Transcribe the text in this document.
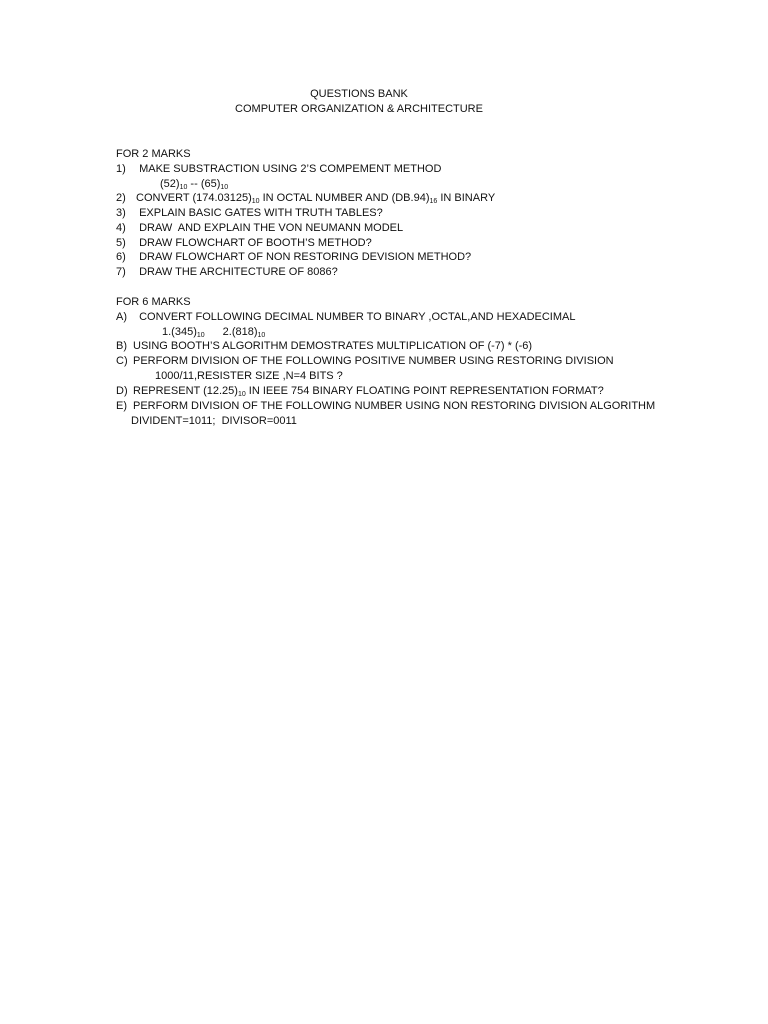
QUESTIONS BANK
COMPUTER ORGANIZATION & ARCHITECTURE
FOR 2 MARKS
1) MAKE SUBSTRACTION USING 2’S COMPEMENT METHOD
$(52)_{10} -- (65)_{10}$
2) CONVERT $(174.03125)_{10}$ IN OCTAL NUMBER AND $(DB.94)_{16}$ IN BINARY
3) EXPLAIN BASIC GATES WITH TRUTH TABLES?
4) DRAW  AND EXPLAIN THE VON NEUMANN MODEL
5) DRAW FLOWCHART OF BOOTH’S METHOD?
6) DRAW FLOWCHART OF NON RESTORING DEVISION METHOD?
7) DRAW THE ARCHITECTURE OF 8086?
FOR 6 MARKS
A) CONVERT FOLLOWING DECIMAL NUMBER TO BINARY ,OCTAL,AND HEXADECIMAL
$1.(345)_{10}$ $2.(818)_{10}$
B) USING BOOTH’S ALGORITHM DEMOSTRATES MULTIPLICATION OF (-7) * (-6)
C) PERFORM DIVISION OF THE FOLLOWING POSITIVE NUMBER USING RESTORING DIVISION
1000/11,RESISTER SIZE ,N=4 BITS ?
D) REPRESENT $(12.25)_{10}$ IN IEEE 754 BINARY FLOATING POINT REPRESENTATION FORMAT?
E) PERFORM DIVISION OF THE FOLLOWING NUMBER USING NON RESTORING DIVISION ALGORITHM
DIVIDENT=1011;  DIVISOR=0011
